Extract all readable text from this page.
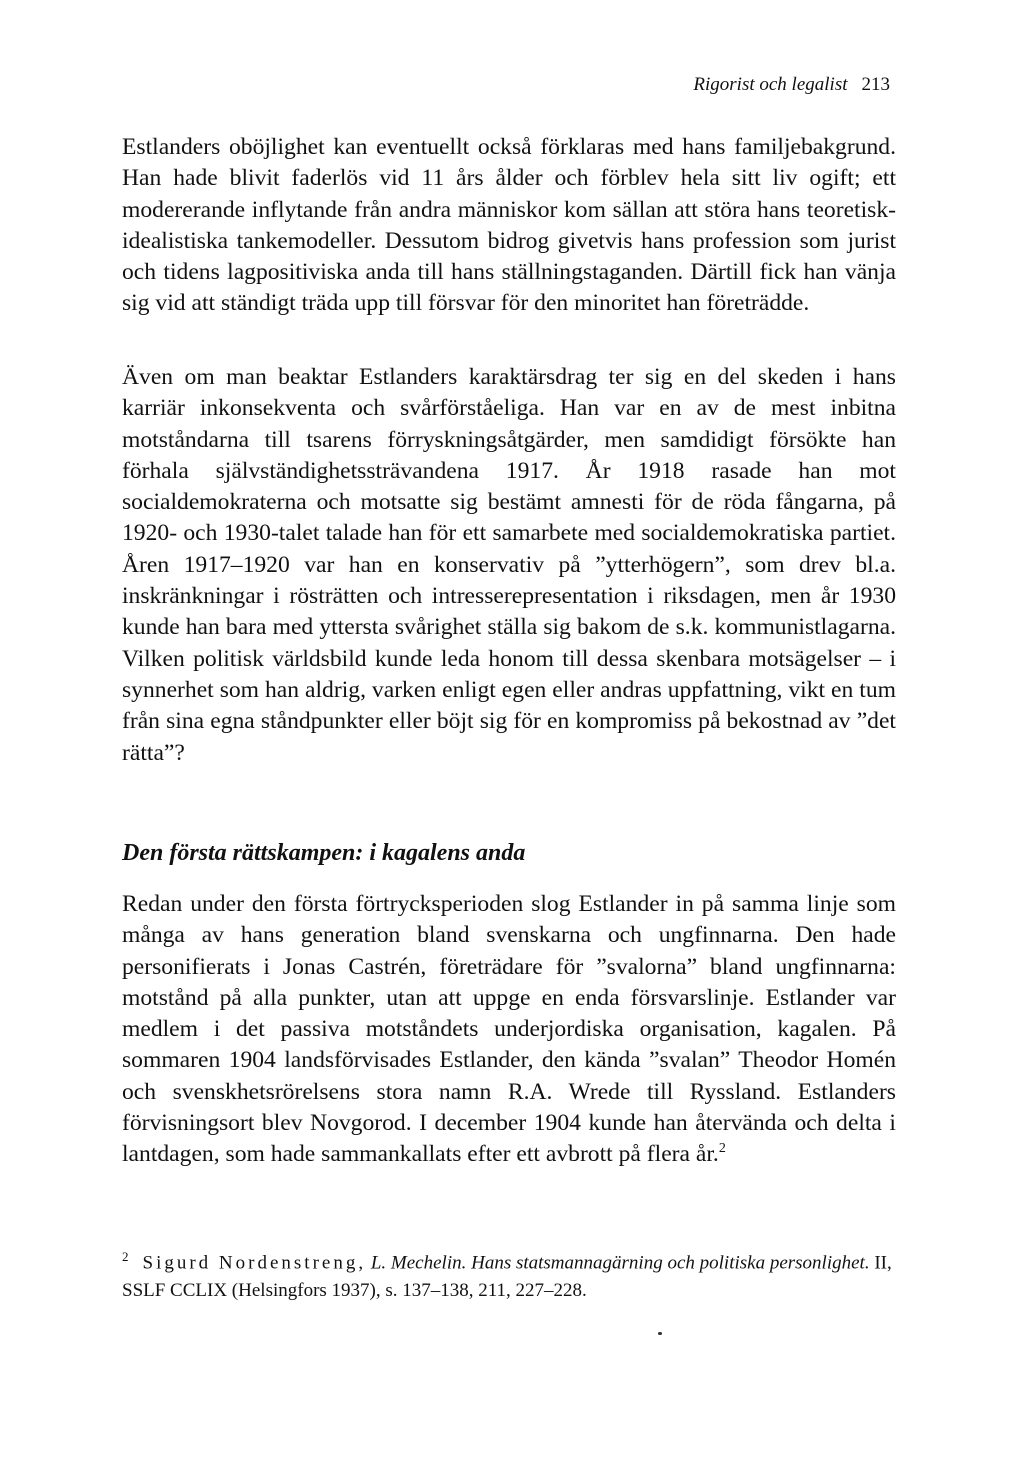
Rigorist och legalist 213

Estlanders oböjlighet kan eventuellt också förklaras med hans familjebakgrund. Han hade blivit faderlös vid 11 års ålder och förblev hela sitt liv ogift; ett modererande inflytande från andra människor kom sällan att störa hans teoretisk-idealistiska tankemodeller. Dessutom bidrog givetvis hans profession som jurist och tidens lagpositiviska anda till hans ställningstaganden. Därtill fick han vänja sig vid att ständigt träda upp till försvar för den minoritet han företrädde.

Även om man beaktar Estlanders karaktärsdrag ter sig en del skeden i hans karriär inkonsekventa och svårförståeliga. Han var en av de mest inbitna motståndarna till tsarens förryskningsåtgärder, men samdidigt försökte han förhala självständighetssträvandena 1917. År 1918 rasade han mot socialdemokraterna och motsatte sig bestämt amnesti för de röda fångarna, på 1920- och 1930-talet talade han för ett samarbete med socialdemokratiska partiet. Åren 1917–1920 var han en konservativ på ”ytterhögern”, som drev bl.a. inskränkningar i rösträtten och intresserepresentation i riksdagen, men år 1930 kunde han bara med yttersta svårighet ställa sig bakom de s.k. kommunistlagarna. Vilken politisk världsbild kunde leda honom till dessa skenbara motsägelser – i synnerhet som han aldrig, varken enligt egen eller andras uppfattning, vikt en tum från sina egna ståndpunkter eller böjt sig för en kompromiss på bekostnad av ”det rätta”?

Den första rättskampen: i kagalens anda

Redan under den första förtrycksperioden slog Estlander in på samma linje som många av hans generation bland svenskarna och ungfinnarna. Den hade personifierats i Jonas Castrén, företrädare för ”svalorna” bland ungfinnarna: motstånd på alla punkter, utan att uppge en enda försvarslinje. Estlander var medlem i det passiva motståndets underjordiska organisation, kagalen. På sommaren 1904 landsförvisades Estlander, den kända ”svalan” Theodor Homén och svenskhetsrörelsens stora namn R.A. Wrede till Ryssland. Estlanders förvisningsort blev Novgorod. I december 1904 kunde han återvända och delta i lantdagen, som hade sammankallats efter ett avbrott på flera år.$^2$

$^2$ Sigurd Nordenstreng, L. Mechelin. Hans statsmannagärning och politiska personlighet. II, SSLF CCLIX (Helsingfors 1937), s. 137–138, 211, 227–228.
